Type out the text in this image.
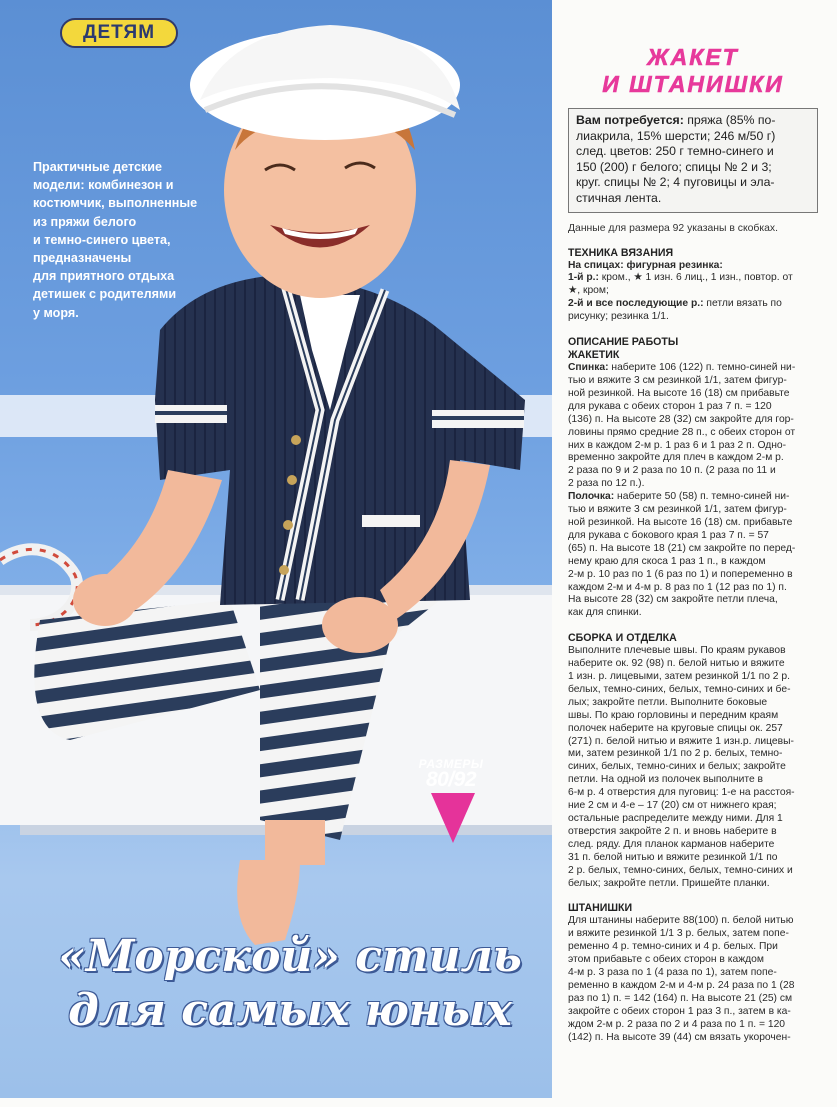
ДЕТЯМ
Практичные детские
модели: комбинезон и
костюмчик, выполненные
из пряжи белого
и темно-синего цвета,
предназначены
для приятного отдыха
детишек с родителями
у моря.
РАЗМЕРЫ
80/92
«Морской» стиль
для самых юных
ЖАКЕТ
И ШТАНИШКИ
Вам потребуется: пряжа (85% по-
лиакрила, 15% шерсти; 246 м/50 г)
след. цветов: 250 г темно-синего и
150 (200) г белого; спицы № 2 и 3;
круг. спицы № 2; 4 пуговицы и эла-
стичная лента.
Данные для размера 92 указаны в скобках.
ТЕХНИКА ВЯЗАНИЯ
На спицах: фигурная резинка:
1-й р.: кром., ★ 1 изн. 6 лиц., 1 изн., повтор. от
★, кром;
2-й и все последующие р.: петли вязать по
рисунку; резинка 1/1.
ОПИСАНИЕ РАБОТЫ
ЖАКЕТИК
Спинка: наберите 106 (122) п. темно-синей ни-
тью и вяжите 3 см резинкой 1/1, затем фигур-
ной резинкой. На высоте 16 (18) см прибавьте
для рукава с обеих сторон 1 раз 7 п. = 120
(136) п. На высоте 28 (32) см закройте для гор-
ловины прямо средние 28 п., с обеих сторон от
них в каждом 2-м р. 1 раз 6 и 1 раз 2 п. Одно-
временно закройте для плеч в каждом 2-м р.
2 раза по 9 и 2 раза по 10 п. (2 раза по 11 и
2 раза по 12 п.).
Полочка: наберите 50 (58) п. темно-синей ни-
тью и вяжите 3 см резинкой 1/1, затем фигур-
ной резинкой. На высоте 16 (18) см. прибавьте
для рукава с бокового края 1 раз 7 п. = 57
(65) п. На высоте 18 (21) см закройте по перед-
нему краю для скоса 1 раз 1 п., в каждом
2-м р. 10 раз по 1 (6 раз по 1) и попеременно в
каждом 2-м и 4-м р. 8 раз по 1 (12 раз по 1) п.
На высоте 28 (32) см закройте петли плеча,
как для спинки.
СБОРКА И ОТДЕЛКА
Выполните плечевые швы. По краям рукавов
наберите ок. 92 (98) п. белой нитью и вяжите
1 изн. р. лицевыми, затем резинкой 1/1 по 2 р.
белых, темно-синих, белых, темно-синих и бе-
лых; закройте петли. Выполните боковые
швы. По краю горловины и передним краям
полочек наберите на круговые спицы ок. 257
(271) п. белой нитью и вяжите 1 изн.р. лицевы-
ми, затем резинкой 1/1 по 2 р. белых, темно-
синих, белых, темно-синих и белых; закройте
петли. На одной из полочек выполните в
6-м р. 4 отверстия для пуговиц: 1-е на расстоя-
ние 2 см и 4-е – 17 (20) см от нижнего края;
остальные распределите между ними. Для 1
отверстия закройте 2 п. и вновь наберите в
след. ряду. Для планок карманов наберите
31 п. белой нитью и вяжите резинкой 1/1 по
2 р. белых, темно-синих, белых, темно-синих и
белых; закройте петли. Пришейте планки.
ШТАНИШКИ
Для штанины наберите 88(100) п. белой нитью
и вяжите резинкой 1/1 3 р. белых, затем попе-
ременно 4 р. темно-синих и 4 р. белых. При
этом прибавьте с обеих сторон в каждом
4-м р. 3 раза по 1 (4 раза по 1), затем попе-
ременно в каждом 2-м и 4-м р. 24 раза по 1 (28
раз по 1) п. = 142 (164) п. На высоте 21 (25) см
закройте с обеих сторон 1 раз 3 п., затем в ка-
ждом 2-м р. 2 раза по 2 и 4 раза по 1 п. = 120
(142) п. На высоте 39 (44) см вязать укорочен-
